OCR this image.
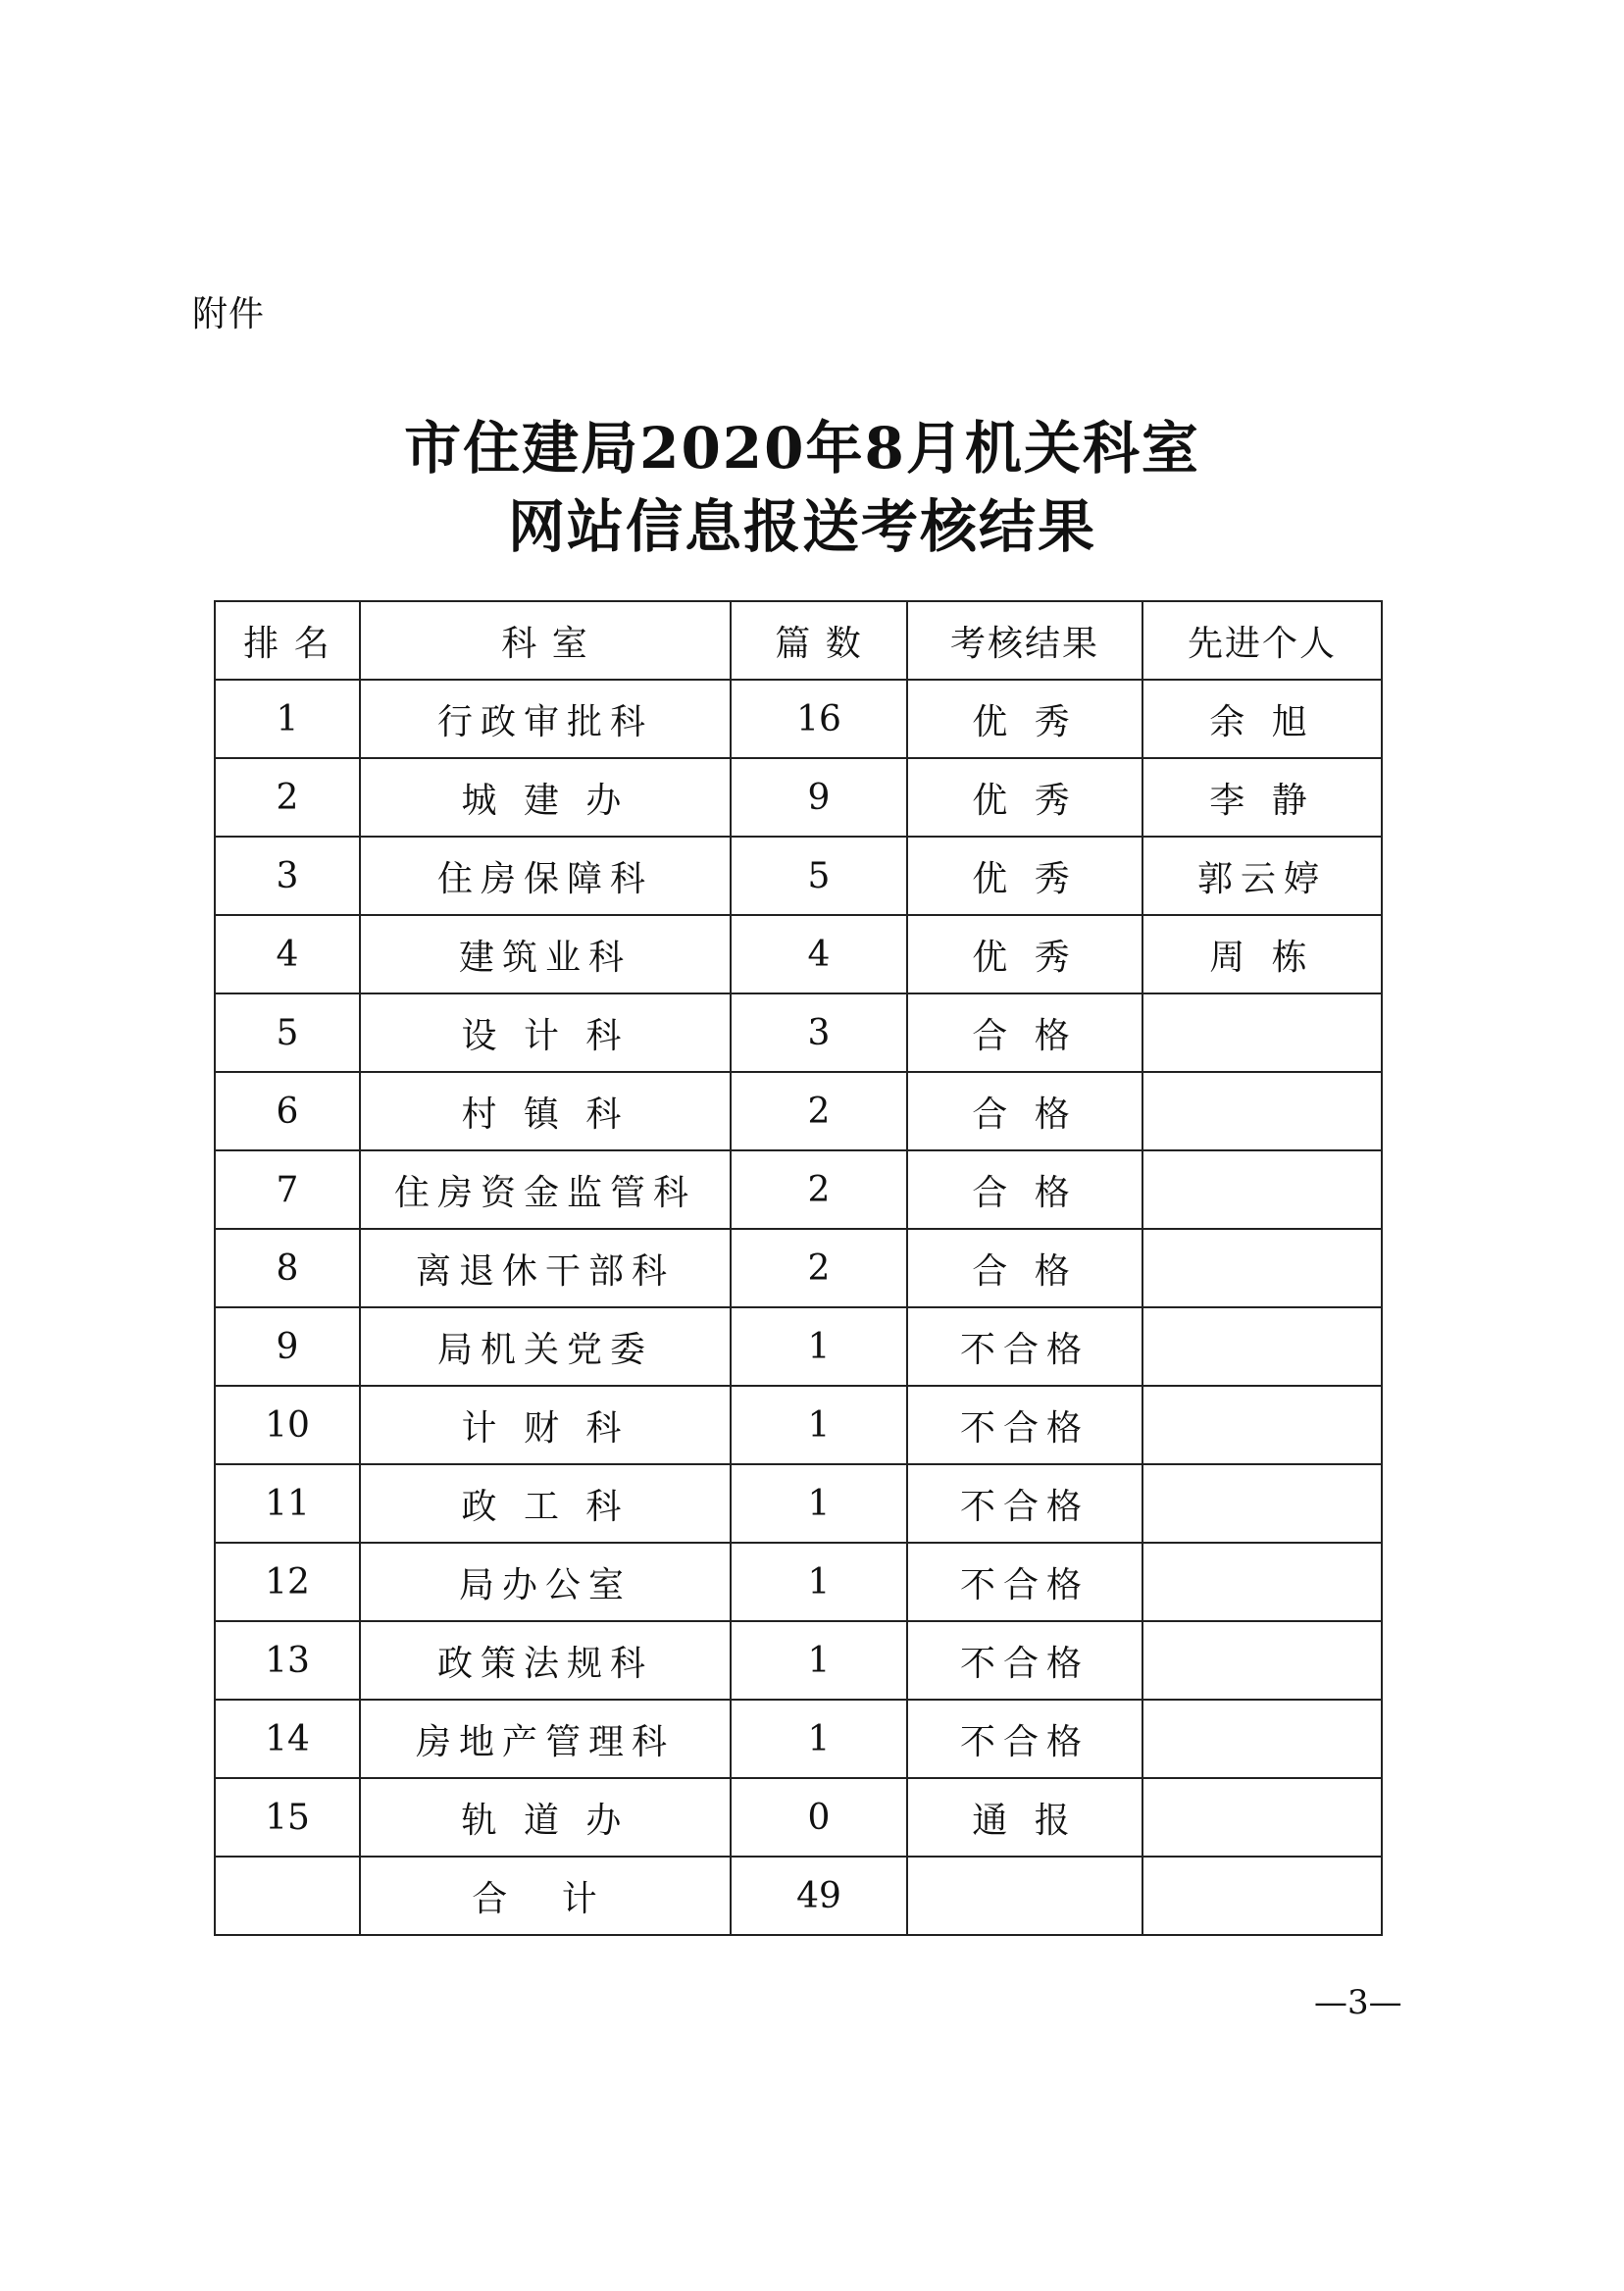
附件
市住建局2020年8月机关科室
网站信息报送考核结果
排 名	科 室	篇 数	考核结果	先进个人
1	行政审批科	16	优 秀	余 旭
2	城 建 办	9	优 秀	李 静
3	住房保障科	5	优 秀	郭云婷
4	建筑业科	4	优 秀	周 栋
5	设 计 科	3	合 格	
6	村 镇 科	2	合 格	
7	住房资金监管科	2	合 格	
8	离退休干部科	2	合 格	
9	局机关党委	1	不合格	
10	计 财 科	1	不合格	
11	政 工 科	1	不合格	
12	局办公室	1	不合格	
13	政策法规科	1	不合格	
14	房地产管理科	1	不合格	
15	轨 道 办	0	通 报	
	合 计	49		
—3—
